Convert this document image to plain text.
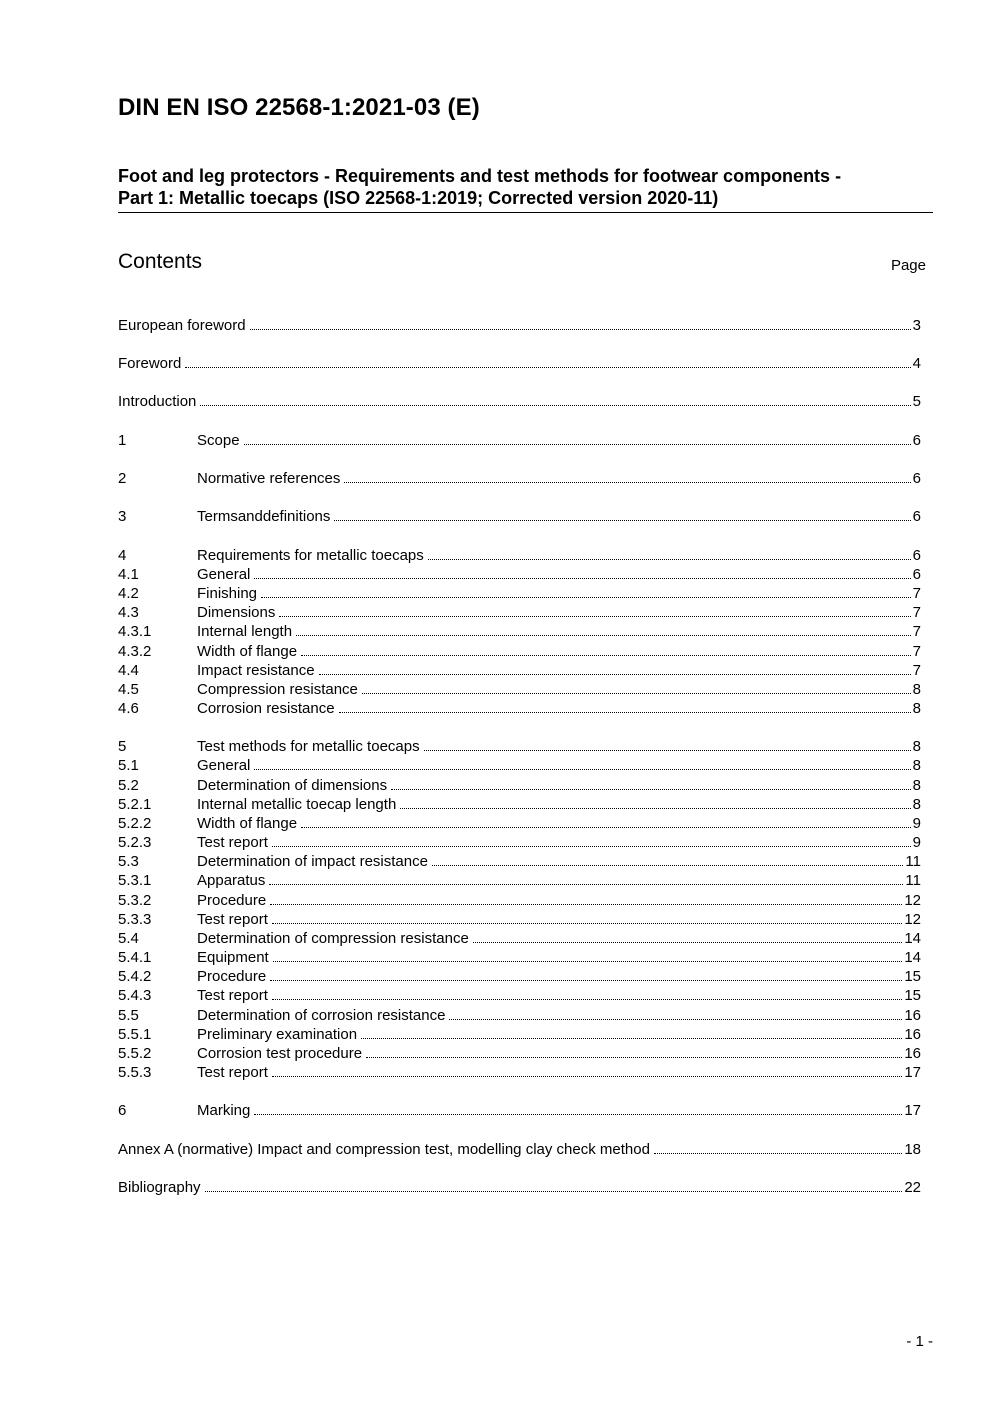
DIN EN ISO 22568-1:2021-03 (E)
Foot and leg protectors - Requirements and test methods for footwear components -
Part 1: Metallic toecaps (ISO 22568-1:2019; Corrected version 2020-11)
Contents	Page
European foreword	3
Foreword	4
Introduction	5
1	Scope	6
2	Normative references	6
3	Termsanddefinitions	6
4	Requirements for metallic toecaps	6
4.1	General	6
4.2	Finishing	7
4.3	Dimensions	7
4.3.1	Internal length	7
4.3.2	Width of flange	7
4.4	Impact resistance	7
4.5	Compression resistance	8
4.6	Corrosion resistance	8
5	Test methods for metallic toecaps	8
5.1	General	8
5.2	Determination of dimensions	8
5.2.1	Internal metallic toecap length	8
5.2.2	Width of flange	9
5.2.3	Test report	9
5.3	Determination of impact resistance	11
5.3.1	Apparatus	11
5.3.2	Procedure	12
5.3.3	Test report	12
5.4	Determination of compression resistance	14
5.4.1	Equipment	14
5.4.2	Procedure	15
5.4.3	Test report	15
5.5	Determination of corrosion resistance	16
5.5.1	Preliminary examination	16
5.5.2	Corrosion test procedure	16
5.5.3	Test report	17
6	Marking	17
Annex A (normative) Impact and compression test, modelling clay check method	18
Bibliography	22
- 1 -
